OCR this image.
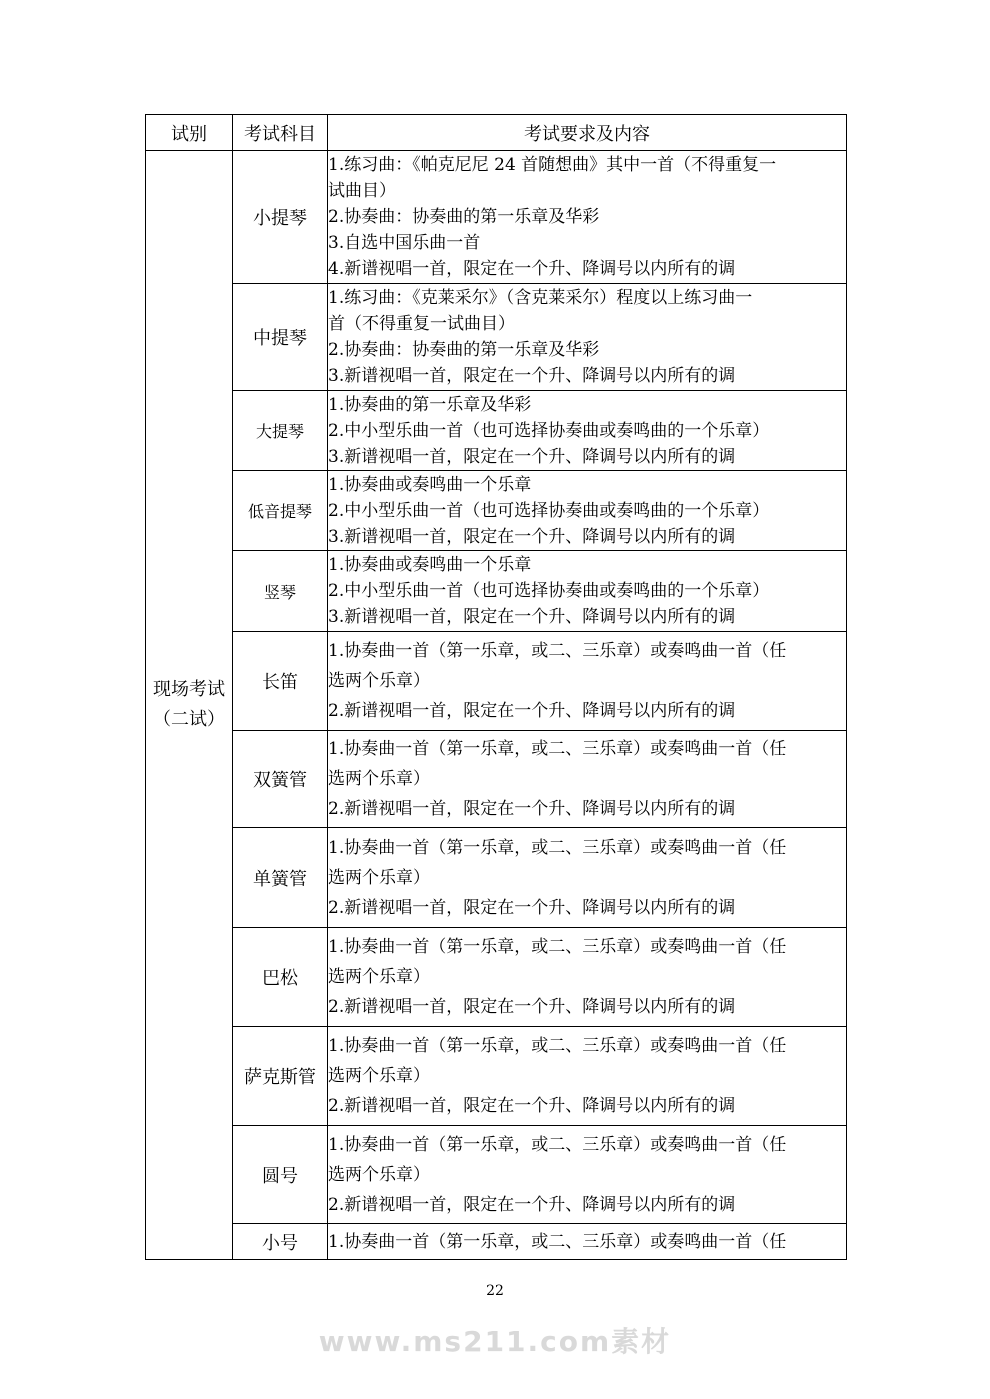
试别	考试科目	考试要求及内容

现场考试
（二试）	小提琴	1.练习曲：《帕克尼尼 24 首随想曲》其中一首（不得重复一
试曲目）
2.协奏曲：协奏曲的第一乐章及华彩
3.自选中国乐曲一首
4.新谱视唱一首，限定在一个升、降调号以内所有的调

	中提琴	1.练习曲：《克莱采尔》（含克莱采尔）程度以上练习曲一
首（不得重复一试曲目）
2.协奏曲：协奏曲的第一乐章及华彩
3.新谱视唱一首，限定在一个升、降调号以内所有的调

	大提琴	1.协奏曲的第一乐章及华彩
2.中小型乐曲一首（也可选择协奏曲或奏鸣曲的一个乐章）
3.新谱视唱一首，限定在一个升、降调号以内所有的调

	低音提琴	1.协奏曲或奏鸣曲一个乐章
2.中小型乐曲一首（也可选择协奏曲或奏鸣曲的一个乐章）
3.新谱视唱一首，限定在一个升、降调号以内所有的调

	竖琴	1.协奏曲或奏鸣曲一个乐章
2.中小型乐曲一首（也可选择协奏曲或奏鸣曲的一个乐章）
3.新谱视唱一首，限定在一个升、降调号以内所有的调

	长笛	1.协奏曲一首（第一乐章，或二、三乐章）或奏鸣曲一首（任
选两个乐章）
2.新谱视唱一首，限定在一个升、降调号以内所有的调

	双簧管	1.协奏曲一首（第一乐章，或二、三乐章）或奏鸣曲一首（任
选两个乐章）
2.新谱视唱一首，限定在一个升、降调号以内所有的调

	单簧管	1.协奏曲一首（第一乐章，或二、三乐章）或奏鸣曲一首（任
选两个乐章）
2.新谱视唱一首，限定在一个升、降调号以内所有的调

	巴松	1.协奏曲一首（第一乐章，或二、三乐章）或奏鸣曲一首（任
选两个乐章）
2.新谱视唱一首，限定在一个升、降调号以内所有的调

	萨克斯管	1.协奏曲一首（第一乐章，或二、三乐章）或奏鸣曲一首（任
选两个乐章）
2.新谱视唱一首，限定在一个升、降调号以内所有的调

	圆号	1.协奏曲一首（第一乐章，或二、三乐章）或奏鸣曲一首（任
选两个乐章）
2.新谱视唱一首，限定在一个升、降调号以内所有的调

	小号	1.协奏曲一首（第一乐章，或二、三乐章）或奏鸣曲一首（任
22
www.ms211.com素材
